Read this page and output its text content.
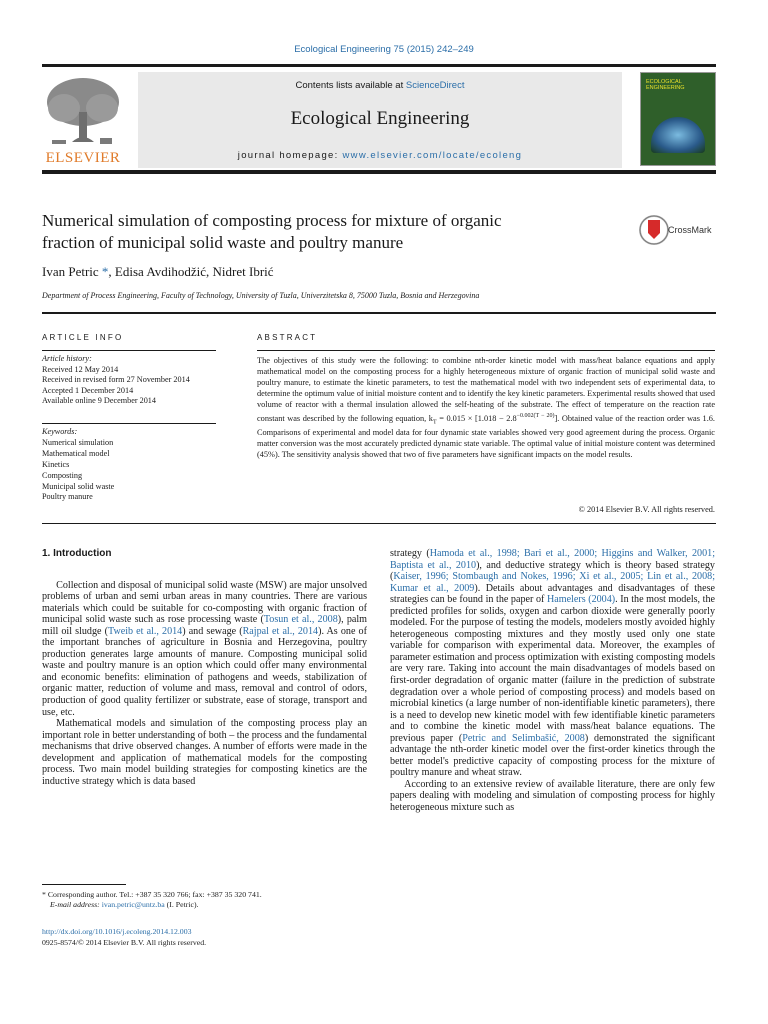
Ecological Engineering 75 (2015) 242–249
ELSEVIER
Contents lists available at ScienceDirect
Ecological Engineering
journal homepage: www.elsevier.com/locate/ecoleng
ECOLOGICAL ENGINEERING
Numerical simulation of composting process for mixture of organic
fraction of municipal solid waste and poultry manure
CrossMark
Ivan Petric *, Edisa Avdihodžić, Nidret Ibrić
Department of Process Engineering, Faculty of Technology, University of Tuzla, Univerzitetska 8, 75000 Tuzla, Bosnia and Herzegovina
ARTICLE INFO	ABSTRACT
Article history:
Received 12 May 2014
Received in revised form 27 November 2014
Accepted 1 December 2014
Available online 9 December 2014
Keywords:
Numerical simulation
Mathematical model
Kinetics
Composting
Municipal solid waste
Poultry manure
The objectives of this study were the following: to combine nth-order kinetic model with mass/heat balance equations and apply mathematical model on the composting process for a highly heterogeneous mixture of organic fraction of municipal solid waste and poultry manure, to estimate the kinetic parameters, to test the mathematical model with two independent sets of experimental data, to determine the optimum value of initial moisture content and to identify the key kinetic parameters. Experimental results showed that used volume of reactor with a thermal insulation allowed the self-heating of the substrate. The effect of temperature on the reaction rate constant was described by the following equation, $k_T = 0.015 \times [1.018 - 2.8^{-0.002(T - 20)}]$. Obtained value of the reaction order was 1.6. Comparisons of experimental and model data for four dynamic state variables showed very good agreement during the process. Organic matter conversion was the most accurately predicted dynamic state variable. The optimal value of initial moisture content was determined (45%). The sensitivity analysis showed that two of five parameters have significant impacts on the model results.
© 2014 Elsevier B.V. All rights reserved.
1. Introduction

Collection and disposal of municipal solid waste (MSW) are major unsolved problems of urban and semi urban areas in many countries. There are various materials which could be suitable for co-composting with organic fraction of municipal solid waste such as rose processing waste (Tosun et al., 2008), palm mill oil sludge (Tweib et al., 2014) and sewage (Rajpal et al., 2014). As one of the important branches of agriculture in Bosnia and Herzegovina, poultry production generates large amounts of manure. Composting municipal solid waste and poultry manure is an option which could offer many environmental and economic benefits: elimination of pathogens and weeds, stabilization of organic matter, reduction of volume and mass, removal and control of odors, production of good quality fertilizer or substrate, ease of storage, transport and use, etc.

Mathematical models and simulation of the composting process play an important role in better understanding of both – the process and the fundamental mechanisms that drive observed changes. A number of efforts were made in the development and application of mathematical models for the composting process. Two main model building strategies for composting kinetics are the inductive strategy which is data based

strategy (Hamoda et al., 1998; Bari et al., 2000; Higgins and Walker, 2001; Baptista et al., 2010), and deductive strategy which is theory based strategy (Kaiser, 1996; Stombaugh and Nokes, 1996; Xi et al., 2005; Lin et al., 2008; Kumar et al., 2009). Details about advantages and disadvantages of these strategies can be found in the paper of Hamelers (2004). In the most models, the predicted profiles for solids, oxygen and carbon dioxide were generally poorly modeled. For the purpose of testing the models, modelers mostly avoided highly heterogeneous composting mixtures and they mostly used only one state variable for comparison with experimental data. Moreover, the examples of parameter estimation and process optimization with existing composting models are very rare. Taking into account the main disadvantages of models based on first-order degradation of organic matter (failure in the prediction of substrate degradation over a whole period of composting process) and models based on microbial kinetics (a large number of non-identifiable kinetic parameters), there is a need to develop new kinetic model with few identifiable kinetic parameters and to combine the kinetic model with mass/heat balance equations. The previous paper (Petric and Selimbašić, 2008) demonstrated the significant advantage the nth-order kinetic model over the first-order kinetics through the better model's predictive capacity of composting process for the mixture of poultry manure and wheat straw.

According to an extensive review of available literature, there are only few papers dealing with modeling and simulation of composting process for highly heterogeneous mixture such as

* Corresponding author. Tel.: +387 35 320 766; fax: +387 35 320 741.
E-mail address: ivan.petric@untz.ba (I. Petric).
http://dx.doi.org/10.1016/j.ecoleng.2014.12.003
0925-8574/© 2014 Elsevier B.V. All rights reserved.
